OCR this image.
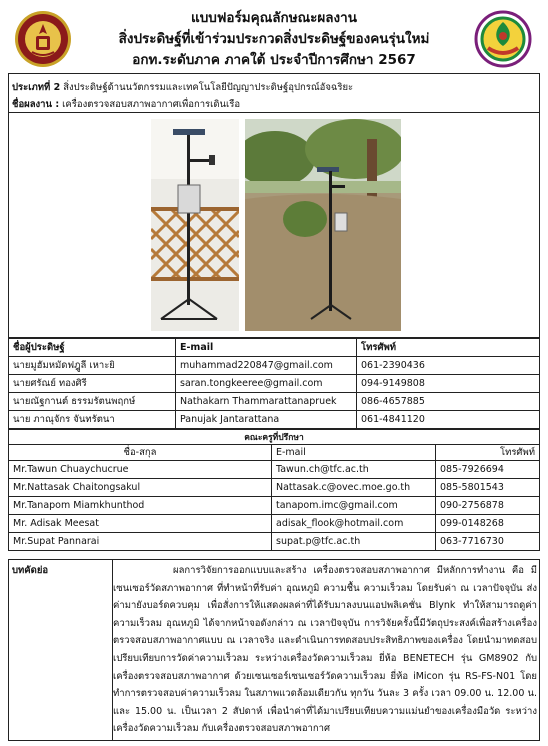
แบบฟอร์มคุณลักษณะผลงาน
สิ่งประดิษฐ์ที่เข้าร่วมประกวดสิ่งประดิษฐ์ของคนรุ่นใหม่
อกท.ระดับภาค ภาคใต้ ประจำปีการศึกษา 2567
ประเภทที่ 2 สิ่งประดิษฐ์ด้านนวัตกรรมและเทคโนโลยีปัญญาประดิษฐ์อุปกรณ์อัจฉริยะ
ชื่อผลงาน : เครื่องตรวจสอบสภาพอากาศเพื่อการเดินเรือ
ชื่อผู้ประดิษฐ์	E-mail	โทรศัพท์
นายมูฮัมหมัดฟฎูลี เหาะยิ	muhammad220847@gmail.com	061-2390436
นายศรัณย์ ทองศิรี	saran.tongkeeree@gmail.com	094-9149808
นายณัฐกานต์ ธรรมรัตนพฤกษ์	Nathakarn Thammarattanapruek	086-4657885
นาย ภาณุจักร จันทรัตนา	Panujak Jantarattana	061-4841120
คณะครูที่ปรึกษา		
ชื่อ-สกุล	E-mail	โทรศัพท์
Mr.Tawun Chuaychucrue	Tawun.ch@tfc.ac.th	085-7926694
Mr.Nattasak Chaitongsakul	Nattasak.c@ovec.moe.go.th	085-5801543
Mr.Tanapom Miamkhunthod	tanapom.imc@gmail.com	090-2756878
Mr. Adisak Meesat	adisak_flook@hotmail.com	099-0148268
Mr.Supat Pannarai	supat.p@tfc.ac.th	063-7716730
บทคัดย่อ	ผลการวิจัยการออกแบบและสร้าง เครื่องตรวจสอบสภาพอากาศ มีหลักการทำงาน คือ มีเซนเซอร์วัดสภาพอากาศ ที่ทำหน้าที่รับค่า อุณหภูมิ ความชื้น ความเร็วลม โดยรับค่า ณ เวลาปัจจุบัน ส่งค่ามายังบอร์ดควบคุม เพื่อสั่งการให้แสดงผลค่าที่ได้รับมาลงบนแอปพลิเคชั่น Blynk ทำให้สามารถดูค่าความเร็วลม อุณหภูมิ ได้จากหน้าจอดังกล่าว ณ เวลาปัจจุบัน การวิจัยครั้งนี้มีวัตถุประสงค์เพื่อสร้างเครื่องตรวจสอบสภาพอากาศแบบ ณ เวลาจริง และดำเนินการทดสอบประสิทธิภาพของเครื่อง โดยนำมาทดสอบเปรียบเทียบการวัดค่าความเร็วลม ระหว่างเครื่องวัดความเร็วลม ยี่ห้อ BENETECH รุ่น GM8902 กับเครื่องตรวจสอบสภาพอากาศ ด้วยเซนเซอร์เซนเซอร์วัดความเร็วลม ยี่ห้อ iMicon รุ่น RS-FS-N01 โดยทำการตรวจสอบค่าความเร็วลม ในสภาพแวดล้อมเดียวกัน ทุกวัน วันละ 3 ครั้ง เวลา 09.00 น. 12.00 น. และ 15.00 น. เป็นเวลา 2 สัปดาห์ เพื่อนำค่าที่ได้มาเปรียบเทียบความแม่นยำของเครื่องมือวัด ระหว่าง เครื่องวัดความเร็วลม กับเครื่องตรวจสอบสภาพอากาศ
